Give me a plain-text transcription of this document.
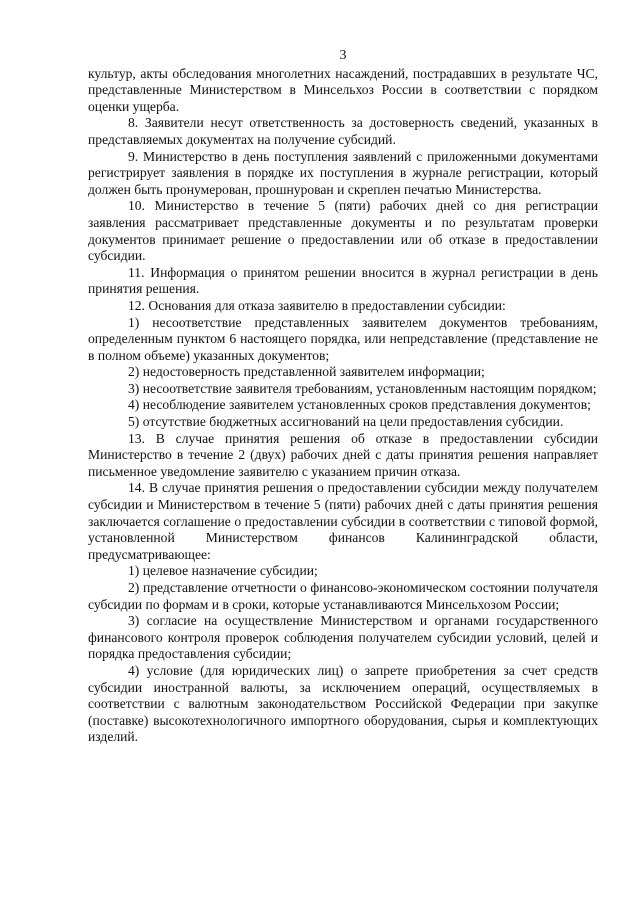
3

культур, акты обследования многолетних насаждений, пострадавших в результате ЧС, представленные Министерством в Минсельхоз России в соответствии с порядком оценки ущерба.

8. Заявители несут ответственность за достоверность сведений, указанных в представляемых документах на получение субсидий.

9. Министерство в день поступления заявлений с приложенными документами регистрирует заявления в порядке их поступления в журнале регистрации, который должен быть пронумерован, прошнурован и скреплен печатью Министерства.

10. Министерство в течение 5 (пяти) рабочих дней со дня регистрации заявления рассматривает представленные документы и по результатам проверки документов принимает решение о предоставлении или об отказе в предоставлении субсидии.

11. Информация о принятом решении вносится в журнал регистрации в день принятия решения.

12. Основания для отказа заявителю в предоставлении субсидии:

1) несоответствие представленных заявителем документов требованиям, определенным пунктом 6 настоящего порядка, или непредставление (представление не в полном объеме) указанных документов;

2) недостоверность представленной заявителем информации;

3) несоответствие заявителя требованиям, установленным настоящим порядком;

4) несоблюдение заявителем установленных сроков представления документов;

5) отсутствие бюджетных ассигнований на цели предоставления субсидии.

13. В случае принятия решения об отказе в предоставлении субсидии Министерство в течение 2 (двух) рабочих дней с даты принятия решения направляет письменное уведомление заявителю с указанием причин отказа.

14. В случае принятия решения о предоставлении субсидии между получателем субсидии и Министерством в течение 5 (пяти) рабочих дней с даты принятия решения заключается соглашение о предоставлении субсидии в соответствии с типовой формой, установленной Министерством финансов Калининградской области, предусматривающее:

1) целевое назначение субсидии;

2) представление отчетности о финансово-экономическом состоянии получателя субсидии по формам и в сроки, которые устанавливаются Минсельхозом России;

3) согласие на осуществление Министерством и органами государственного финансового контроля проверок соблюдения получателем субсидии условий, целей и порядка предоставления субсидии;

4) условие (для юридических лиц) о запрете приобретения за счет средств субсидии иностранной валюты, за исключением операций, осуществляемых в соответствии с валютным законодательством Российской Федерации при закупке (поставке) высокотехнологичного импортного оборудования, сырья и комплектующих изделий.
